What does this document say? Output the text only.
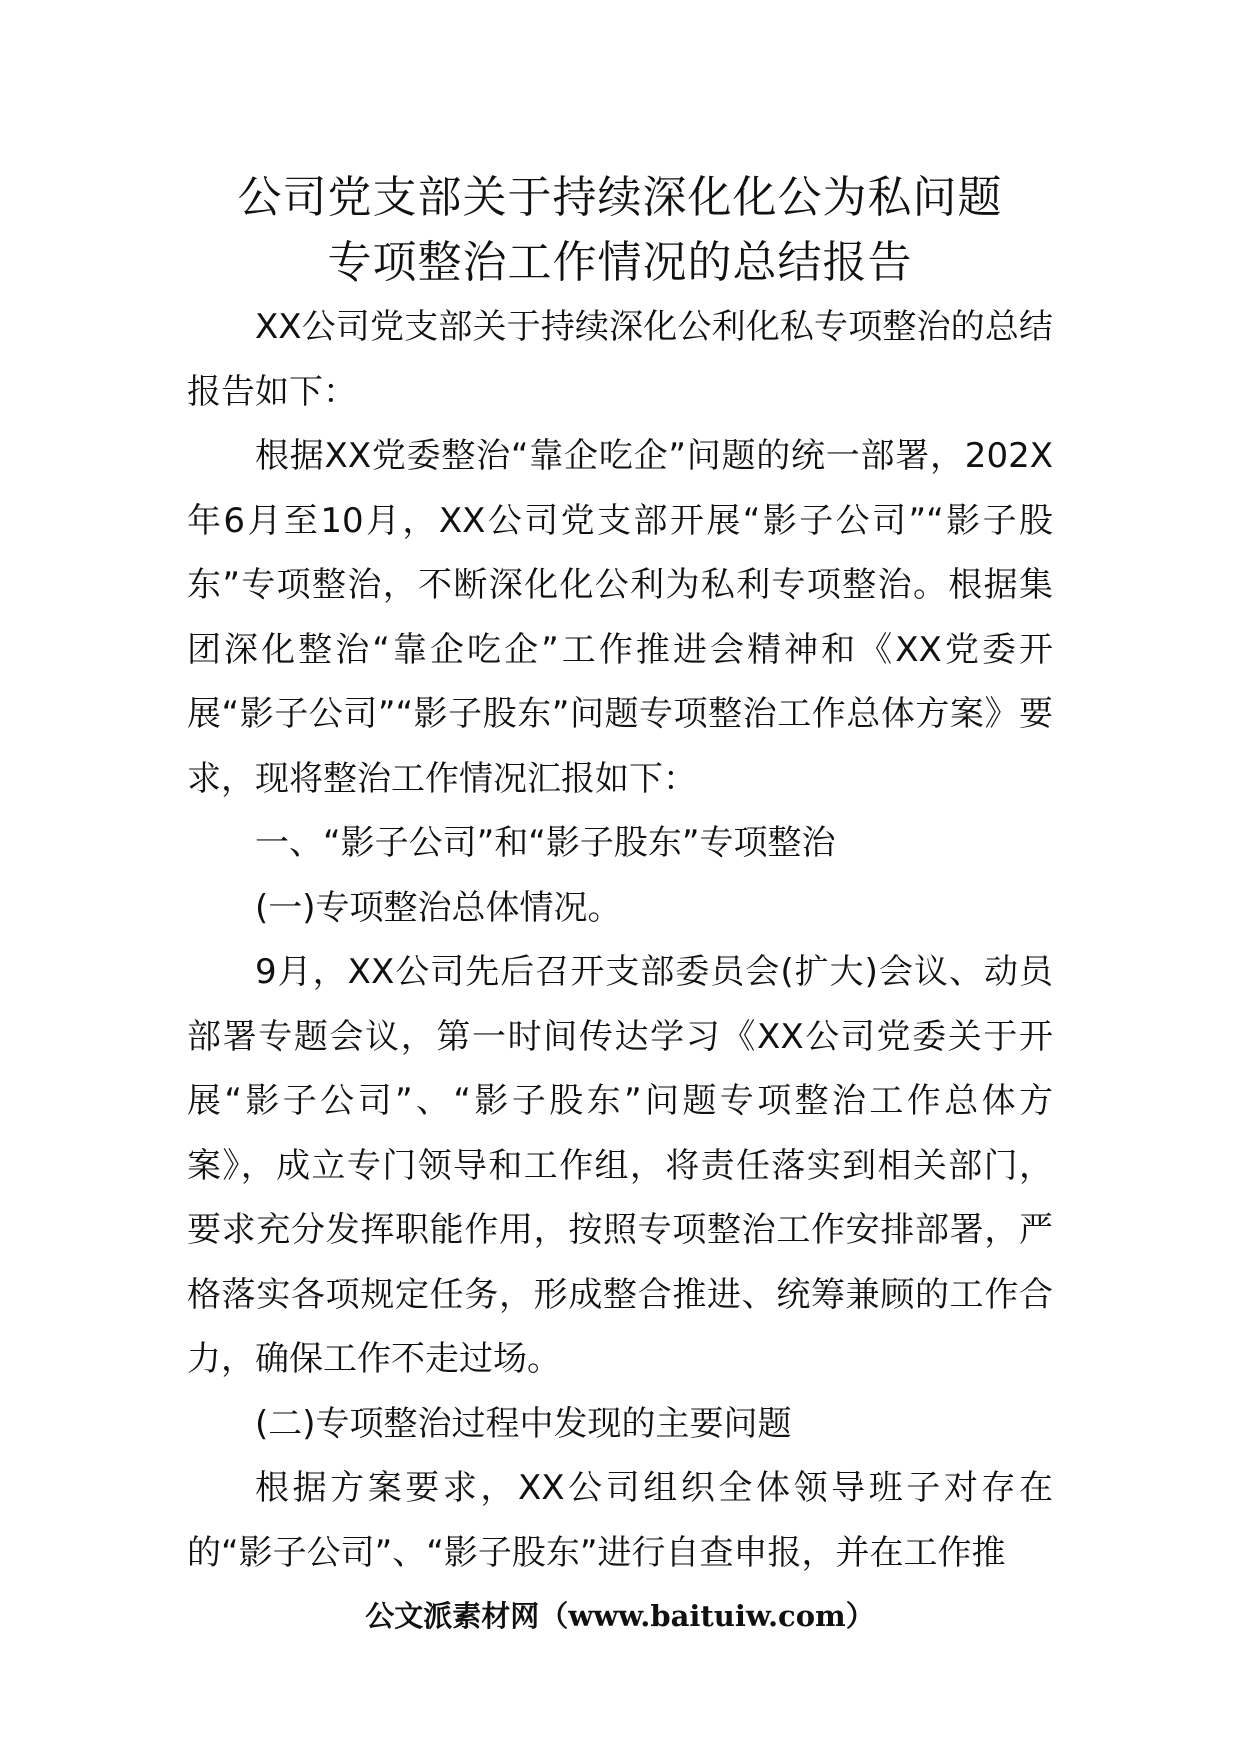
公司党支部关于持续深化化公为私问题
专项整治工作情况的总结报告

XX公司党支部关于持续深化公利化私专项整治的总结报告如下：

根据XX党委整治“靠企吃企”问题的统一部署，202X年6月至10月，XX公司党支部开展“影子公司”“影子股东”专项整治，不断深化化公利为私利专项整治。根据集团深化整治“靠企吃企”工作推进会精神和《XX党委开展“影子公司”“影子股东”问题专项整治工作总体方案》要求，现将整治工作情况汇报如下：

一、“影子公司”和“影子股东”专项整治

(一)专项整治总体情况。

9月，XX公司先后召开支部委员会(扩大)会议、动员部署专题会议，第一时间传达学习《XX公司党委关于开展“影子公司”、“影子股东”问题专项整治工作总体方案》，成立专门领导和工作组，将责任落实到相关部门，要求充分发挥职能作用，按照专项整治工作安排部署，严格落实各项规定任务，形成整合推进、统筹兼顾的工作合力，确保工作不走过场。

(二)专项整治过程中发现的主要问题

根据方案要求，XX公司组织全体领导班子对存在的“影子公司”、“影子股东”进行自查申报，并在工作推

公文派素材网（www.baituiw.com）
